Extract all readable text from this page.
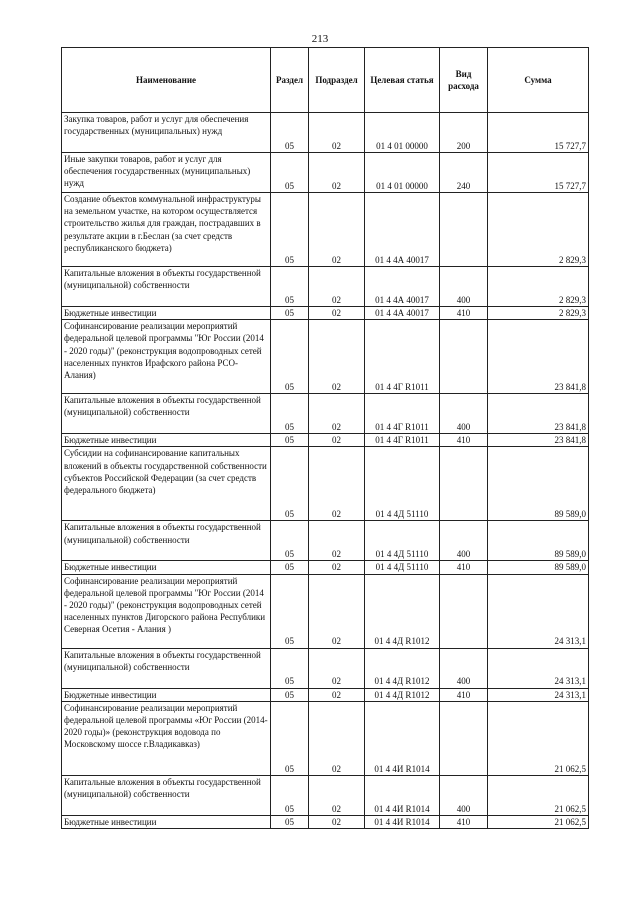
213
Наименование	Раздел	Подраздел	Целевая статья	Вид расхода	Сумма
Закупка товаров, работ и услуг для обеспечения государственных (муниципальных) нужд	05	02	01 4 01 00000	200	15 727,7
Иные закупки товаров, работ и услуг для обеспечения государственных (муниципальных) нужд	05	02	01 4 01 00000	240	15 727,7
Создание объектов коммунальной инфраструктуры на земельном участке, на котором осуществляется строительство жилья для граждан, пострадавших в результате акции в г.Беслан (за счет средств республиканского бюджета)	05	02	01 4 4А 40017		2 829,3
Капитальные вложения в объекты государственной (муниципальной) собственности	05	02	01 4 4А 40017	400	2 829,3
Бюджетные инвестиции	05	02	01 4 4А 40017	410	2 829,3
Софинансирование реализации мероприятий федеральной целевой программы "Юг России (2014 - 2020 годы)" (реконструкция водопроводных сетей населенных пунктов Ирафского района РСО-Алания)	05	02	01 4 4Г R1011		23 841,8
Капитальные вложения в объекты государственной (муниципальной) собственности	05	02	01 4 4Г R1011	400	23 841,8
Бюджетные инвестиции	05	02	01 4 4Г R1011	410	23 841,8
Субсидии на софинансирование капитальных вложений в объекты государственной собственности субъектов Российской Федерации (за счет средств федерального бюджета)	05	02	01 4 4Д 51110		89 589,0
Капитальные вложения в объекты государственной (муниципальной) собственности	05	02	01 4 4Д 51110	400	89 589,0
Бюджетные инвестиции	05	02	01 4 4Д 51110	410	89 589,0
Софинансирование реализации мероприятий федеральной целевой программы "Юг России (2014 - 2020 годы)" (реконструкция водопроводных сетей населенных пунктов Дигорского района Республики Северная Осетия - Алания )	05	02	01 4 4Д R1012		24 313,1
Капитальные вложения в объекты государственной (муниципальной) собственности	05	02	01 4 4Д R1012	400	24 313,1
Бюджетные инвестиции	05	02	01 4 4Д R1012	410	24 313,1
Софинансирование реализации мероприятий федеральной целевой программы «Юг России (2014-2020 годы)» (реконструкция водовода по Московскому шоссе г.Владикавказ)	05	02	01 4 4И R1014		21 062,5
Капитальные вложения в объекты государственной (муниципальной) собственности	05	02	01 4 4И R1014	400	21 062,5
Бюджетные инвестиции	05	02	01 4 4И R1014	410	21 062,5
